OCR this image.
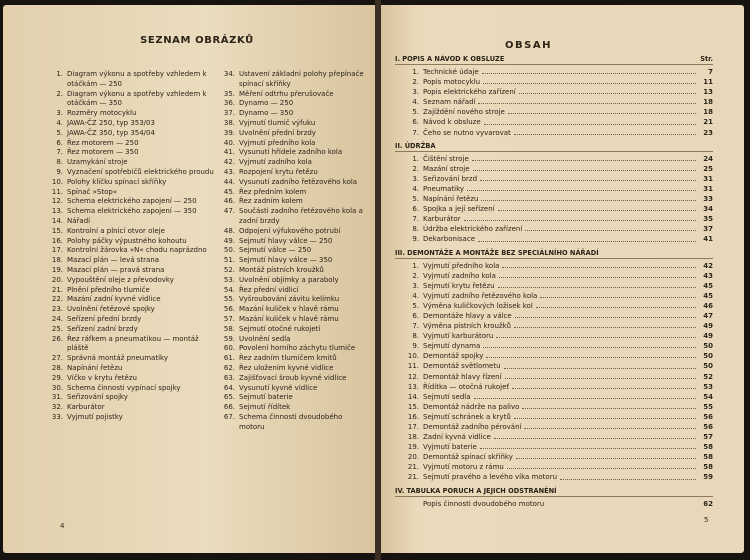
SEZNAM OBRÁZKŮ
1. Diagram výkonu a spotřeby vzhledem k otáčkám — 250
2. Diagram výkonu a spotřeby vzhledem k otáčkám — 350
3. Rozměry motocyklu
4. JAWA-ČZ 250, typ 353/03
5. JAWA-ČZ 350, typ 354/04
6. Řez motorem — 250
7. Řez motorem — 350
8. Uzamykání stroje
9. Vyznačení spotřebičů elektrického proudu
10. Polohy klíčku spínací skříňky
11. Spínač »Stop«
12. Schema elektrického zapojení — 250
13. Schema elektrického zapojení — 350
14. Nářadí
15. Kontrolní a plnicí otvor oleje
16. Polohy páčky výpustného kohoutu
17. Kontrolní žárovka »N« chodu naprázdno
18. Mazací plán — levá strana
19. Mazací plán — pravá strana
20. Vypouštění oleje z převodovky
21. Plnění předního tlumiče
22. Mazání zadní kyvné vidlice
23. Uvolnění řetězové spojky
24. Seřízení přední brzdy
25. Seřízení zadní brzdy
26. Řez ráfkem a pneumatikou — montáž pláště
27. Správná montáž pneumatiky
28. Napínání řetězu
29. Víčko v krytu řetězu
30. Schema činnosti vypínací spojky
31. Seřizování spojky
32. Karburátor
33. Vyjmutí pojistky
34. Ustavení základní polohy přepínače spínací skříňky
35. Měření odtrhu přerušovače
36. Dynamo — 250
37. Dynamo — 350
38. Vyjmutí tlumič výfuku
39. Uvolnění přední brzdy
40. Vyjmutí předního kola
41. Vysunutí hřídele zadního kola
42. Vyjmutí zadního kola
43. Rozpojení krytu řetězu
44. Vysunutí zadního řetězového kola
45. Řez předním kolem
46. Řez zadním kolem
47. Součásti zadního řetězového kola a zadní brzdy
48. Odpojení výfukového potrubí
49. Sejmutí hlavy válce — 250
50. Sejmutí válce — 250
51. Sejmutí hlavy válce — 350
52. Montáž pístních kroužků
53. Uvolnění objímky a paraboly
54. Řez přední vidlicí
55. Vyšroubování závitu kelímku
56. Mazání kuliček v hlavě rámu
57. Mazání kuliček v hlavě rámu
58. Sejmutí otočné rukojeti
59. Uvolnění sedla
60. Povolení horního záchytu tlumiče
61. Řez zadním tlumičem kmitů
62. Řez uložením kyvné vidlice
63. Zajišťovací šroub kyvné vidlice
64. Vysunutí kyvné vidlice
65. Sejmutí baterie
66. Sejmutí řídítek
67. Schema činnosti dvoudobého motoru
4
OBSAH
I. POPIS A NÁVOD K OBSLUZE	Str.
1. Technické údaje	7
2. Popis motocyklu	11
3. Popis elektrického zařízení	13
4. Seznam nářadí	18
5. Zajíždění nového stroje	18
6. Návod k obsluze	21
7. Čeho se nutno vyvarovat	23
II. ÚDRŽBA
1. Čištění stroje	24
2. Mazání stroje	25
3. Seřizování brzd	31
4. Pneumatiky	31
5. Napínání řetězu	33
6. Spojka a její seřízení	34
7. Karburátor	35
8. Údržba elektrického zařízení	37
9. Dekarbonisace	41
III. DEMONTÁŽE A MONTÁŽE BEZ SPECIÁLNÍHO NÁŘADÍ
1. Vyjmutí předního kola	42
2. Vyjmutí zadního kola	43
3. Sejmutí krytu řetězu	45
4. Vyjmutí zadního řetězového kola	45
5. Výměna kuličkových ložisek kol	46
6. Demontáže hlavy a válce	47
7. Výměna pístních kroužků	49
8. Vyjmutí karburátoru	49
9. Sejmutí dynama	50
10. Demontáž spojky	50
11. Demontáž světlometu	50
12. Demontáž hlavy řízení	52
13. Řídítka — otočná rukojeť	53
14. Sejmutí sedla	54
15. Demontáž nádrže na palivo	55
16. Sejmutí schránek a krytů	56
17. Demontáž zadního pérování	56
18. Zadní kyvná vidlice	57
19. Vyjmutí baterie	58
20. Demontáž spínací skříňky	58
21. Vyjmutí motoru z rámu	58
21. Sejmutí pravého a levého víka motoru	59
IV. TABULKA PORUCH A JEJICH ODSTRANĚNÍ
Popis činnosti dvoudobého motoru	62
5
